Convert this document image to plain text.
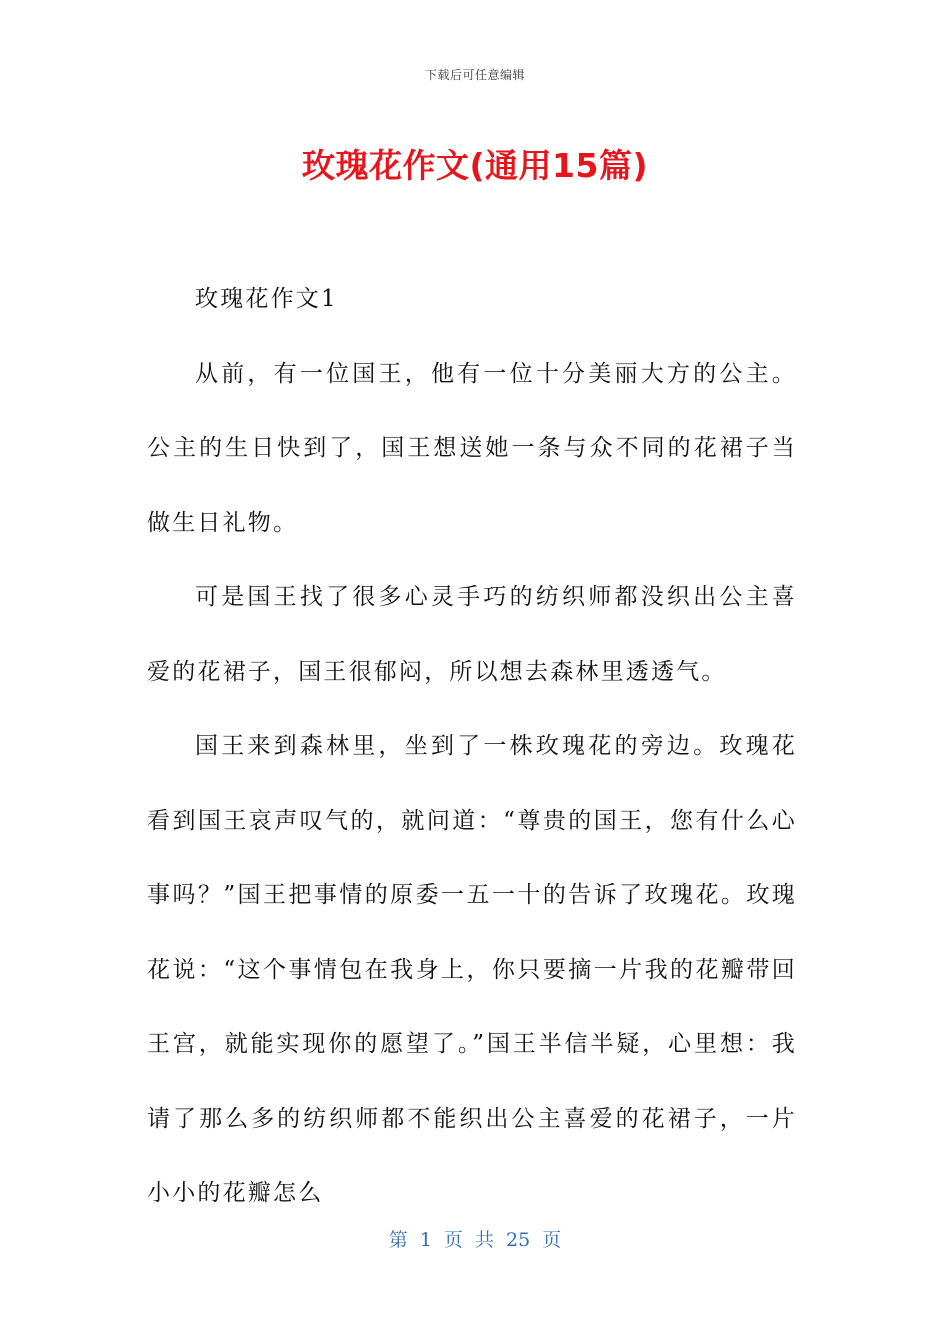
下载后可任意编辑
玫瑰花作文(通用15篇)

玫瑰花作文1

从前，有一位国王，他有一位十分美丽大方的公主。公主的生日快到了，国王想送她一条与众不同的花裙子当做生日礼物。

可是国王找了很多心灵手巧的纺织师都没织出公主喜爱的花裙子，国王很郁闷，所以想去森林里透透气。

国王来到森林里，坐到了一株玫瑰花的旁边。玫瑰花看到国王哀声叹气的，就问道：“尊贵的国王，您有什么心事吗？”国王把事情的原委一五一十的告诉了玫瑰花。玫瑰花说：“这个事情包在我身上，你只要摘一片我的花瓣带回王宫，就能实现你的愿望了。”国王半信半疑，心里想：我请了那么多的纺织师都不能织出公主喜爱的花裙子，一片小小的花瓣怎么

第 1 页 共 25 页
